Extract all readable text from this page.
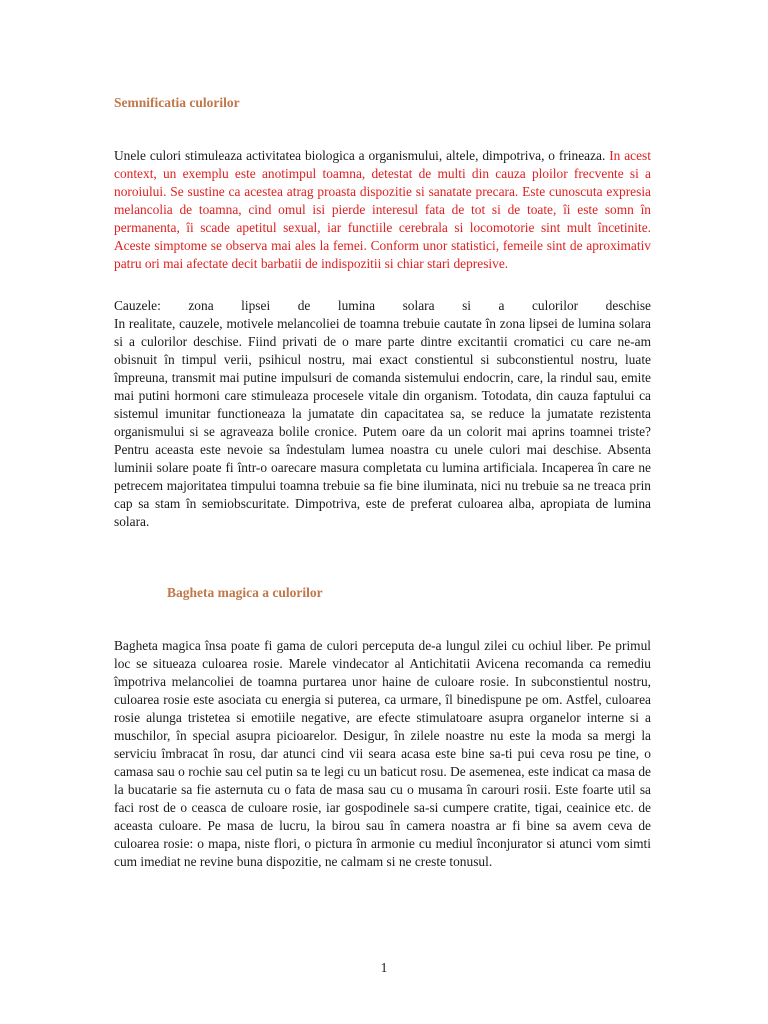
Semnificatia culorilor

Unele culori stimuleaza activitatea biologica a organismului, altele, dimpotriva, o frineaza. In acest context, un exemplu este anotimpul toamna, detestat de multi din cauza ploilor frecvente si a noroiului. Se sustine ca acestea atrag proasta dispozitie si sanatate precara. Este cunoscuta expresia melancolia de toamna, cind omul isi pierde interesul fata de tot si de toate, îi este somn în permanenta, îi scade apetitul sexual, iar functiile cerebrala si locomotorie sint mult încetinite. Aceste simptome se observa mai ales la femei. Conform unor statistici, femeile sint de aproximativ patru ori mai afectate decit barbatii de indispozitii si chiar stari depresive.

Cauzele: zona lipsei de lumina solara si a culorilor deschise
In realitate, cauzele, motivele melancoliei de toamna trebuie cautate în zona lipsei de lumina solara si a culorilor deschise. Fiind privati de o mare parte dintre excitantii cromatici cu care ne-am obisnuit în timpul verii, psihicul nostru, mai exact constientul si subconstientul nostru, luate împreuna, transmit mai putine impulsuri de comanda sistemului endocrin, care, la rindul sau, emite mai putini hormoni care stimuleaza procesele vitale din organism. Totodata, din cauza faptului ca sistemul imunitar functioneaza la jumatate din capacitatea sa, se reduce la jumatate rezistenta organismului si se agraveaza bolile cronice. Putem oare da un colorit mai aprins toamnei triste? Pentru aceasta este nevoie sa îndestulam lumea noastra cu unele culori mai deschise. Absenta luminii solare poate fi într-o oarecare masura completata cu lumina artificiala. Incaperea în care ne petrecem majoritatea timpului toamna trebuie sa fie bine iluminata, nici nu trebuie sa ne treaca prin cap sa stam în semiobscuritate. Dimpotriva, este de preferat culoarea alba, apropiata de lumina solara.

Bagheta magica a culorilor

Bagheta magica însa poate fi gama de culori perceputa de-a lungul zilei cu ochiul liber. Pe primul loc se situeaza culoarea rosie. Marele vindecator al Antichitatii Avicena recomanda ca remediu împotriva melancoliei de toamna purtarea unor haine de culoare rosie. In subconstientul nostru, culoarea rosie este asociata cu energia si puterea, ca urmare, îl binedispune pe om. Astfel, culoarea rosie alunga tristetea si emotiile negative, are efecte stimulatoare asupra organelor interne si a muschilor, în special asupra picioarelor. Desigur, în zilele noastre nu este la moda sa mergi la serviciu îmbracat în rosu, dar atunci cind vii seara acasa este bine sa-ti pui ceva rosu pe tine, o camasa sau o rochie sau cel putin sa te legi cu un baticut rosu. De asemenea, este indicat ca masa de la bucatarie sa fie asternuta cu o fata de masa sau cu o musama în carouri rosii. Este foarte util sa faci rost de o ceasca de culoare rosie, iar gospodinele sa-si cumpere cratite, tigai, ceainice etc. de aceasta culoare. Pe masa de lucru, la birou sau în camera noastra ar fi bine sa avem ceva de culoarea rosie: o mapa, niste flori, o pictura în armonie cu mediul înconjurator si atunci vom simti cum imediat ne revine buna dispozitie, ne calmam si ne creste tonusul.

1
